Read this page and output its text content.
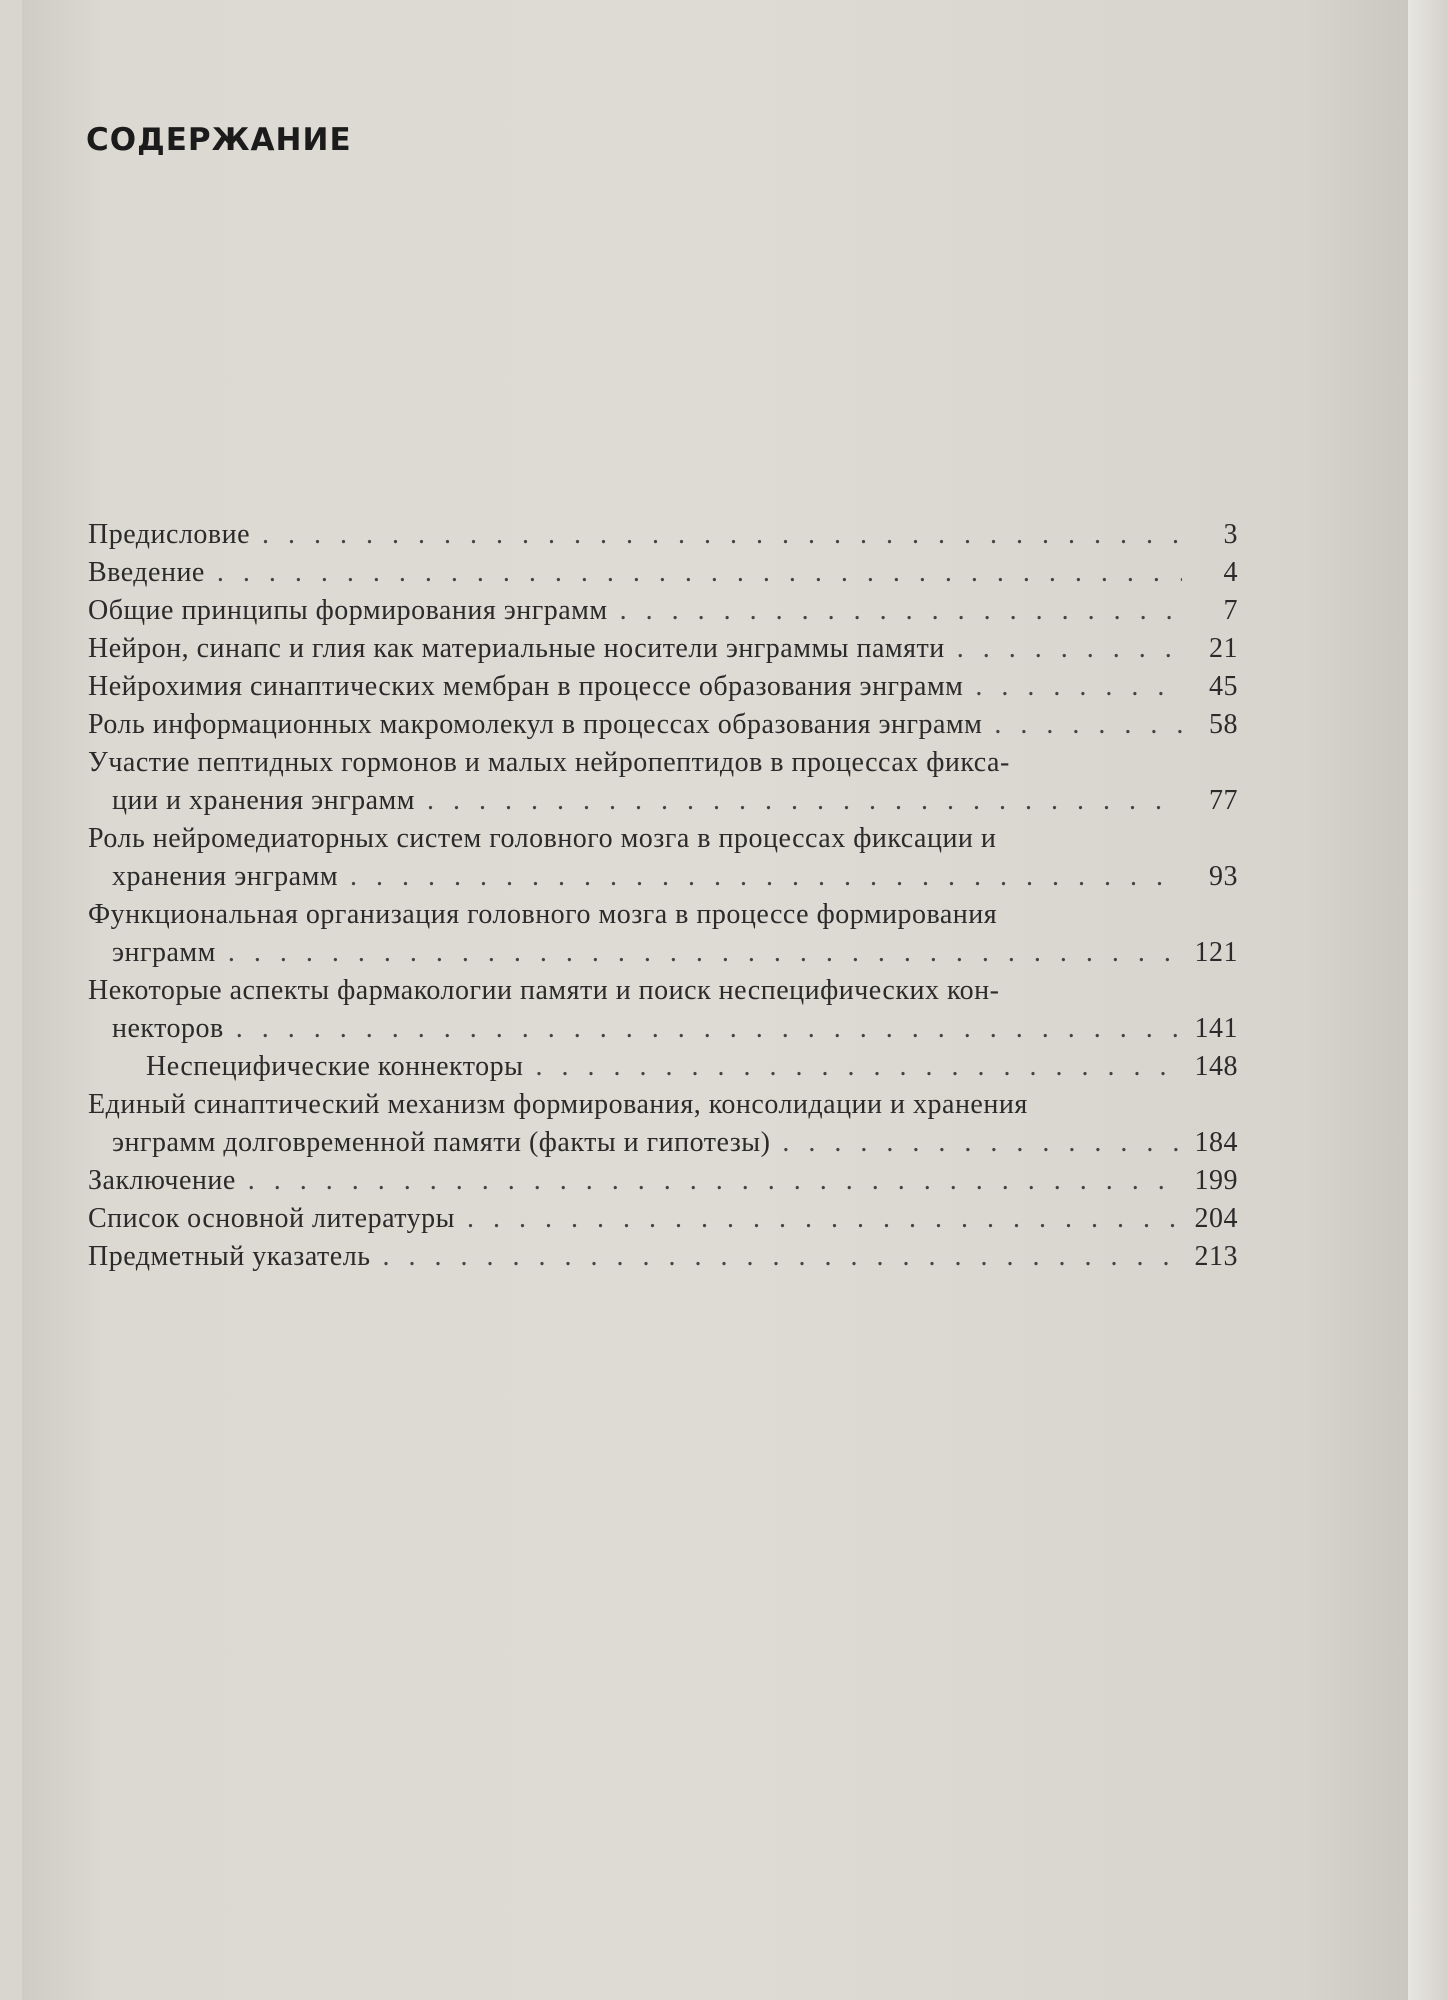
СОДЕРЖАНИЕ
Предисловие . . .	3
Введение . . .	4
Общие принципы формирования энграмм . . .	7
Нейрон, синапс и глия как материальные носители энграммы памяти . . .	21
Нейрохимия синаптических мембран в процессе образования энграмм . . .	45
Роль информационных макромолекул в процессах образования энграмм . . .	58
Участие пептидных гормонов и малых нейропептидов в процессах фикса-
ции и хранения энграмм . . .	77
Роль нейромедиаторных систем головного мозга в процессах фиксации и
хранения энграмм . . .	93
Функциональная организация головного мозга в процессе формирования
энграмм . . .	121
Некоторые аспекты фармакологии памяти и поиск неспецифических кон-
некторов . . .	141
Неспецифические коннекторы . . .	148
Единый синаптический механизм формирования, консолидации и хранения
энграмм долговременной памяти (факты и гипотезы) . . .	184
Заключение . . .	199
Список основной литературы . . .	204
Предметный указатель . . .	213
